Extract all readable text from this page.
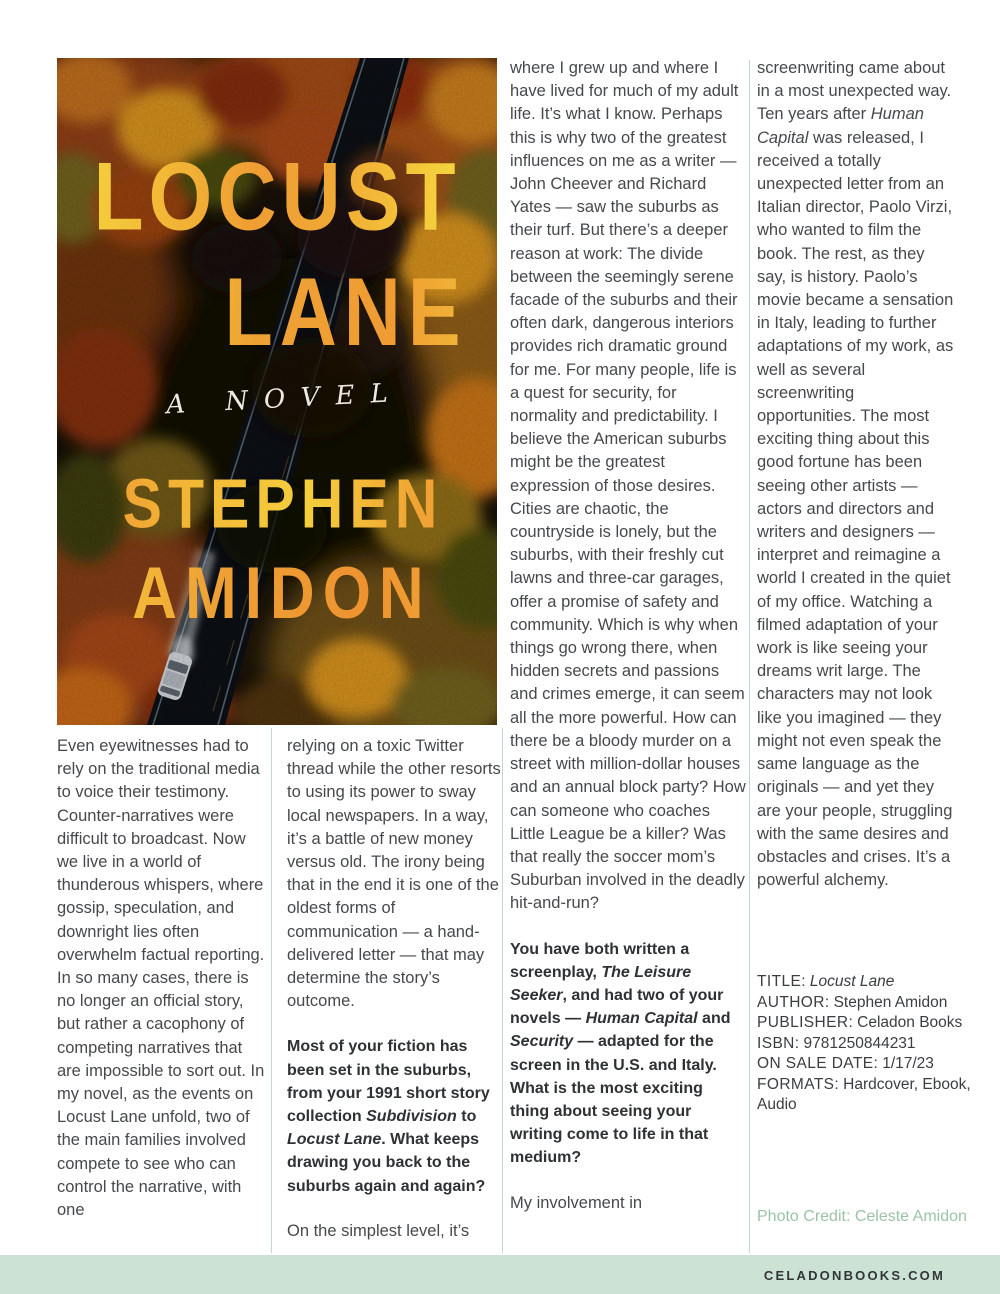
LOCUST
LANE
A NOVEL
STEPHEN
AMIDON

Even eyewitnesses had to rely on the traditional media to voice their testimony. Counter-narratives were difficult to broadcast. Now we live in a world of thunderous whispers, where gossip, speculation, and downright lies often overwhelm factual reporting. In so many cases, there is no longer an official story, but rather a cacophony of competing narratives that are impossible to sort out. In my novel, as the events on Locust Lane unfold, two of the main families involved compete to see who can control the narrative, with one

relying on a toxic Twitter thread while the other resorts to using its power to sway local newspapers. In a way, it’s a battle of new money versus old. The irony being that in the end it is one of the oldest forms of communication — a hand-delivered letter — that may determine the story’s outcome.

Most of your fiction has been set in the suburbs, from your 1991 short story collection Subdivision to Locust Lane. What keeps drawing you back to the suburbs again and again?

On the simplest level, it’s

where I grew up and where I have lived for much of my adult life. It’s what I know. Perhaps this is why two of the greatest influences on me as a writer — John Cheever and Richard Yates — saw the suburbs as their turf. But there’s a deeper reason at work: The divide between the seemingly serene facade of the suburbs and their often dark, dangerous interiors provides rich dramatic ground for me. For many people, life is a quest for security, for normality and predictability. I believe the American suburbs might be the greatest expression of those desires. Cities are chaotic, the countryside is lonely, but the suburbs, with their freshly cut lawns and three-car garages, offer a promise of safety and community. Which is why when things go wrong there, when hidden secrets and passions and crimes emerge, it can seem all the more powerful. How can there be a bloody murder on a street with million-dollar houses and an annual block party? How can someone who coaches Little League be a killer? Was that really the soccer mom’s Suburban involved in the deadly hit-and-run?

You have both written a screenplay, The Leisure Seeker, and had two of your novels — Human Capital and Security — adapted for the screen in the U.S. and Italy. What is the most exciting thing about seeing your writing come to life in that medium?

My involvement in

screenwriting came about in a most unexpected way. Ten years after Human Capital was released, I received a totally unexpected letter from an Italian director, Paolo Virzi, who wanted to film the book. The rest, as they say, is history. Paolo’s movie became a sensation in Italy, leading to further adaptations of my work, as well as several screenwriting opportunities. The most exciting thing about this good fortune has been seeing other artists — actors and directors and writers and designers — interpret and reimagine a world I created in the quiet of my office. Watching a filmed adaptation of your work is like seeing your dreams writ large. The characters may not look like you imagined — they might not even speak the same language as the originals — and yet they are your people, struggling with the same desires and obstacles and crises. It’s a powerful alchemy.

TITLE: Locust Lane
AUTHOR: Stephen Amidon
PUBLISHER: Celadon Books
ISBN: 9781250844231
ON SALE DATE: 1/17/23
FORMATS: Hardcover, Ebook, Audio
Photo Credit: Celeste Amidon
CELADONBOOKS.COM
